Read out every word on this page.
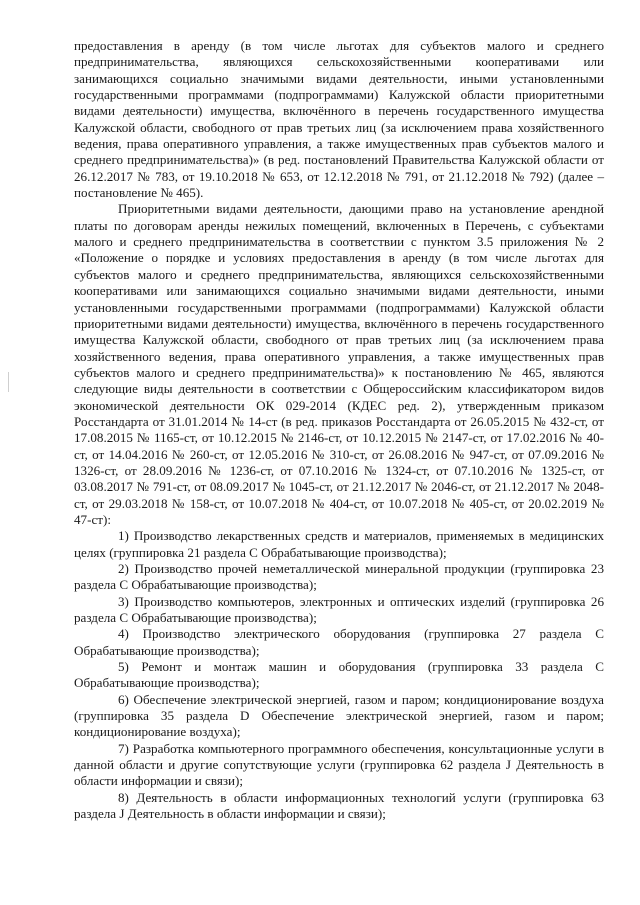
предоставления в аренду (в том числе льготах для субъектов малого и среднего предпринимательства, являющихся сельскохозяйственными кооперативами или занимающихся социально значимыми видами деятельности, иными установленными государственными программами (подпрограммами) Калужской области приоритетными видами деятельности) имущества, включённого в перечень государственного имущества Калужской области, свободного от прав третьих лиц (за исключением права хозяйственного ведения, права оперативного управления, а также имущественных прав субъектов малого и среднего предпринимательства)» (в ред. постановлений Правительства Калужской области от 26.12.2017 № 783, от 19.10.2018 № 653, от 12.12.2018 № 791, от 21.12.2018 № 792) (далее – постановление № 465).

Приоритетными видами деятельности, дающими право на установление арендной платы по договорам аренды нежилых помещений, включенных в Перечень, с субъектами малого и среднего предпринимательства в соответствии с пунктом 3.5 приложения № 2 «Положение о порядке и условиях предоставления в аренду (в том числе льготах для субъектов малого и среднего предпринимательства, являющихся сельскохозяйственными кооперативами или занимающихся социально значимыми видами деятельности, иными установленными государственными программами (подпрограммами) Калужской области приоритетными видами деятельности) имущества, включённого в перечень государственного имущества Калужской области, свободного от прав третьих лиц (за исключением права хозяйственного ведения, права оперативного управления, а также имущественных прав субъектов малого и среднего предпринимательства)» к постановлению № 465, являются следующие виды деятельности в соответствии с Общероссийским классификатором видов экономической деятельности ОК 029-2014 (КДЕС ред. 2), утвержденным приказом Росстандарта от 31.01.2014 № 14-ст (в ред. приказов Росстандарта от 26.05.2015 № 432-ст, от 17.08.2015 № 1165-ст, от 10.12.2015 № 2146-ст, от 10.12.2015 № 2147-ст, от 17.02.2016 № 40-ст, от 14.04.2016 № 260-ст, от 12.05.2016 № 310-ст, от 26.08.2016 № 947-ст, от 07.09.2016 № 1326-ст, от 28.09.2016 № 1236-ст, от 07.10.2016 № 1324-ст, от 07.10.2016 № 1325-ст, от 03.08.2017 № 791-ст, от 08.09.2017 № 1045-ст, от 21.12.2017 № 2046-ст, от 21.12.2017 № 2048-ст, от 29.03.2018 № 158-ст, от 10.07.2018 № 404-ст, от 10.07.2018 № 405-ст, от 20.02.2019 № 47-ст):

1) Производство лекарственных средств и материалов, применяемых в медицинских целях (группировка 21 раздела C Обрабатывающие производства);

2) Производство прочей неметаллической минеральной продукции (группировка 23 раздела C Обрабатывающие производства);

3) Производство компьютеров, электронных и оптических изделий (группировка 26 раздела C Обрабатывающие производства);

4) Производство электрического оборудования (группировка 27 раздела C Обрабатывающие производства);

5) Ремонт и монтаж машин и оборудования (группировка 33 раздела C Обрабатывающие производства);

6) Обеспечение электрической энергией, газом и паром; кондиционирование воздуха (группировка 35 раздела D Обеспечение электрической энергией, газом и паром; кондиционирование воздуха);

7) Разработка компьютерного программного обеспечения, консультационные услуги в данной области и другие сопутствующие услуги (группировка 62 раздела J Деятельность в области информации и связи);

8) Деятельность в области информационных технологий услуги (группировка 63 раздела J Деятельность в области информации и связи);
